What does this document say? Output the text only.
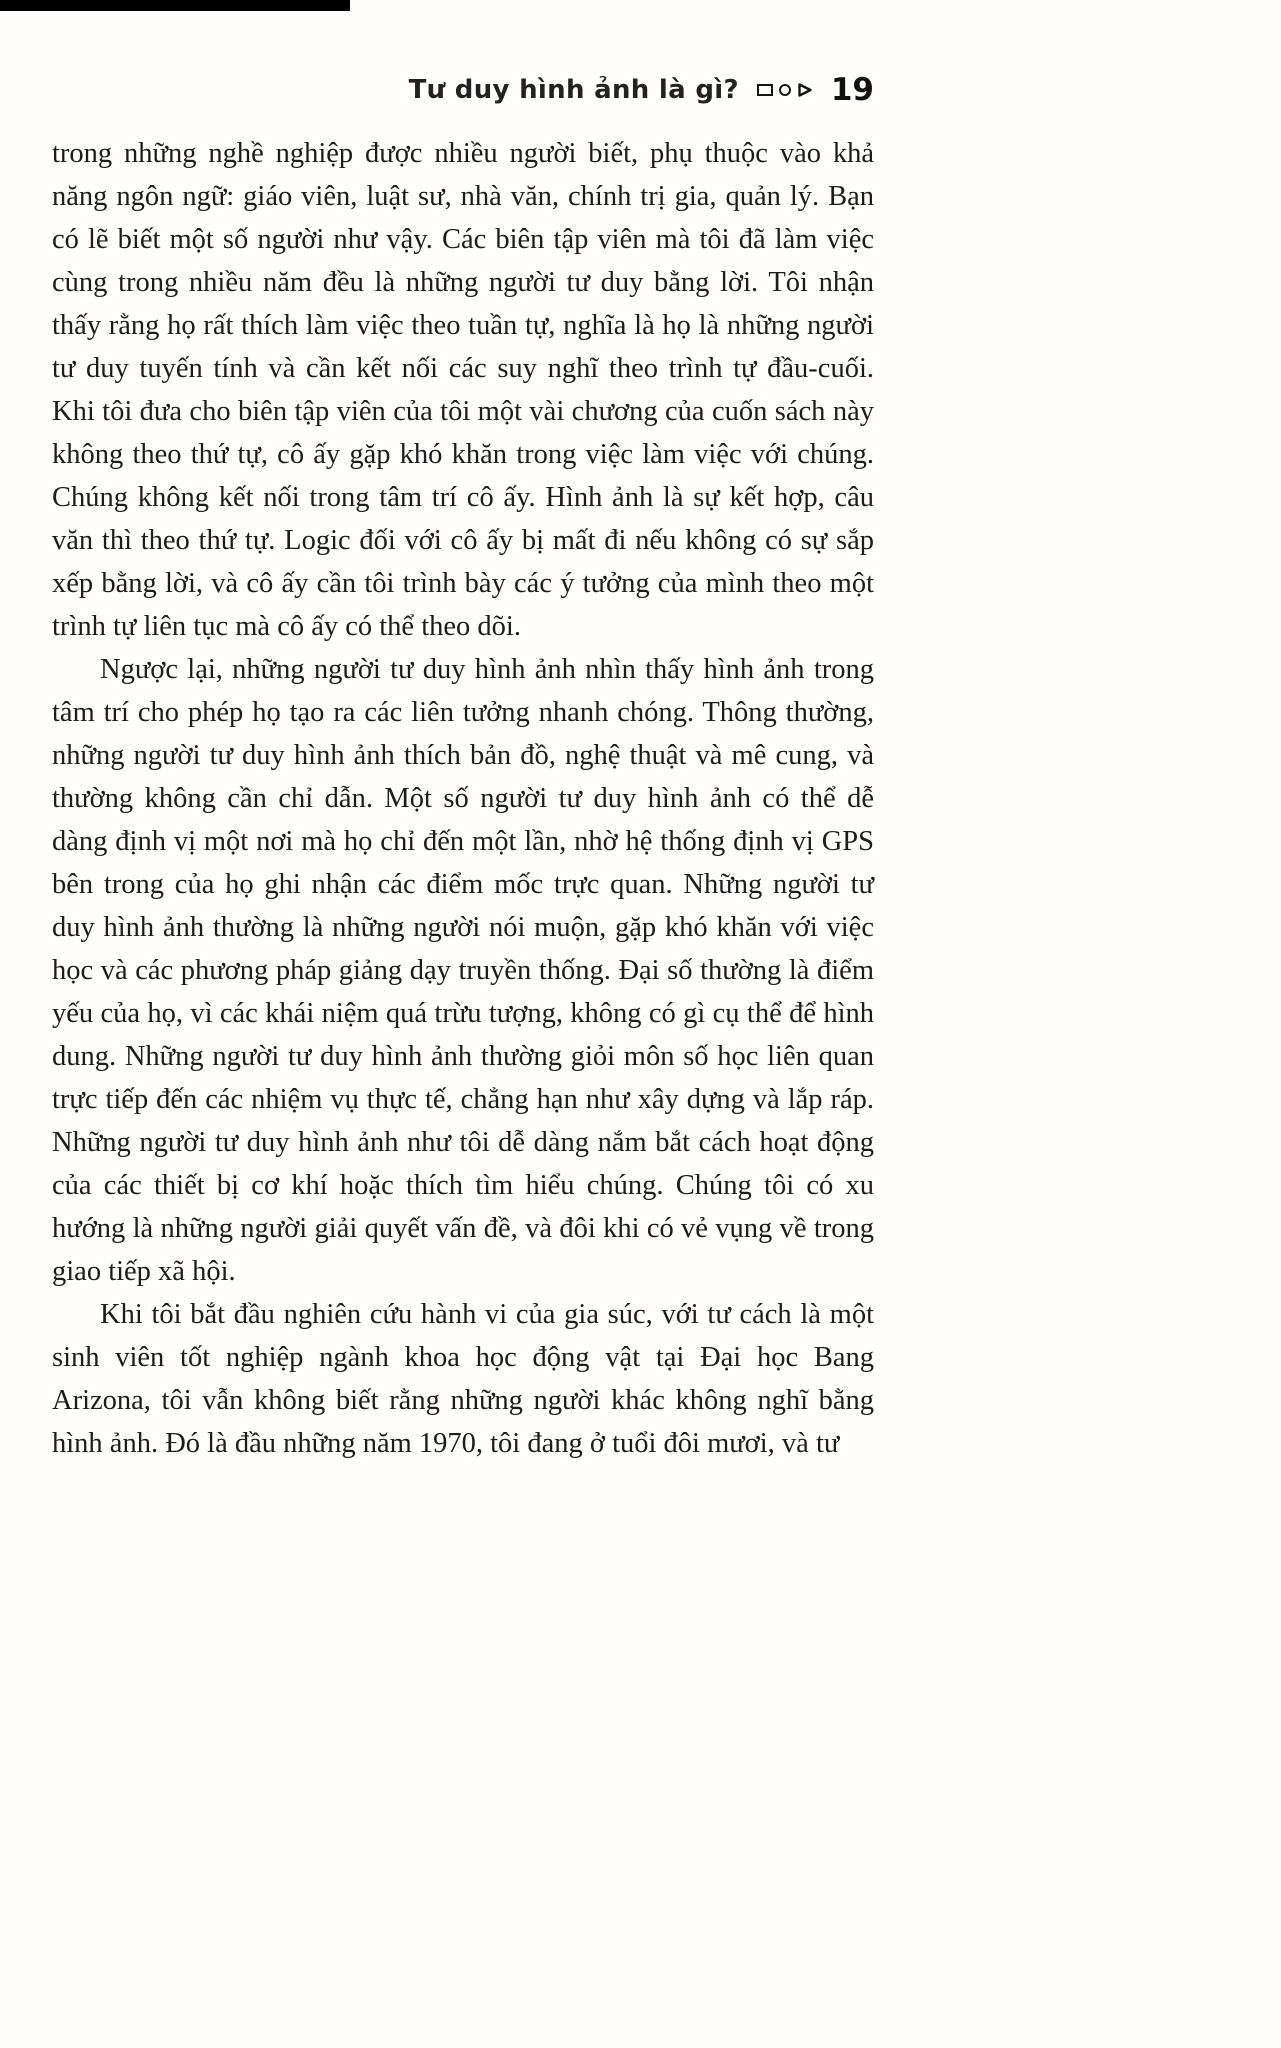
Tư duy hình ảnh là gì?	19

trong những nghề nghiệp được nhiều người biết, phụ thuộc vào khả năng ngôn ngữ: giáo viên, luật sư, nhà văn, chính trị gia, quản lý. Bạn có lẽ biết một số người như vậy. Các biên tập viên mà tôi đã làm việc cùng trong nhiều năm đều là những người tư duy bằng lời. Tôi nhận thấy rằng họ rất thích làm việc theo tuần tự, nghĩa là họ là những người tư duy tuyến tính và cần kết nối các suy nghĩ theo trình tự đầu-cuối. Khi tôi đưa cho biên tập viên của tôi một vài chương của cuốn sách này không theo thứ tự, cô ấy gặp khó khăn trong việc làm việc với chúng. Chúng không kết nối trong tâm trí cô ấy. Hình ảnh là sự kết hợp, câu văn thì theo thứ tự. Logic đối với cô ấy bị mất đi nếu không có sự sắp xếp bằng lời, và cô ấy cần tôi trình bày các ý tưởng của mình theo một trình tự liên tục mà cô ấy có thể theo dõi.

Ngược lại, những người tư duy hình ảnh nhìn thấy hình ảnh trong tâm trí cho phép họ tạo ra các liên tưởng nhanh chóng. Thông thường, những người tư duy hình ảnh thích bản đồ, nghệ thuật và mê cung, và thường không cần chỉ dẫn. Một số người tư duy hình ảnh có thể dễ dàng định vị một nơi mà họ chỉ đến một lần, nhờ hệ thống định vị GPS bên trong của họ ghi nhận các điểm mốc trực quan. Những người tư duy hình ảnh thường là những người nói muộn, gặp khó khăn với việc học và các phương pháp giảng dạy truyền thống. Đại số thường là điểm yếu của họ, vì các khái niệm quá trừu tượng, không có gì cụ thể để hình dung. Những người tư duy hình ảnh thường giỏi môn số học liên quan trực tiếp đến các nhiệm vụ thực tế, chẳng hạn như xây dựng và lắp ráp. Những người tư duy hình ảnh như tôi dễ dàng nắm bắt cách hoạt động của các thiết bị cơ khí hoặc thích tìm hiểu chúng. Chúng tôi có xu hướng là những người giải quyết vấn đề, và đôi khi có vẻ vụng về trong giao tiếp xã hội.

Khi tôi bắt đầu nghiên cứu hành vi của gia súc, với tư cách là một sinh viên tốt nghiệp ngành khoa học động vật tại Đại học Bang Arizona, tôi vẫn không biết rằng những người khác không nghĩ bằng hình ảnh. Đó là đầu những năm 1970, tôi đang ở tuổi đôi mươi, và tư
